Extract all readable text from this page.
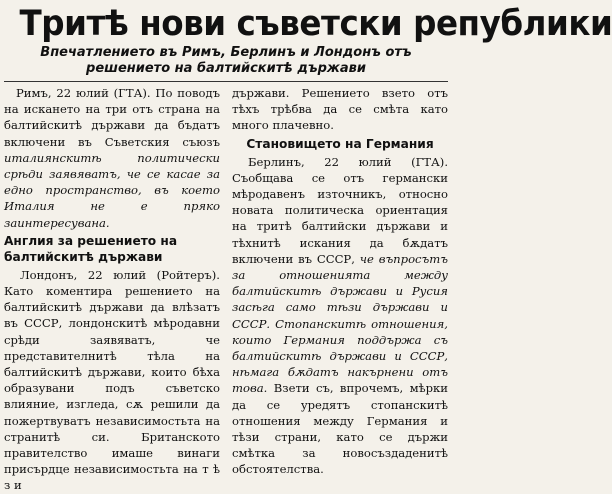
Тритѣ нови съветски републики

Впечатлението въ Римъ, Берлинъ и Лондонъ отъ решението на балтийскитѣ държави

Римъ, 22 юлий (ГТА). По поводъ на искането на три отъ страна на балтийскитѣ държави да бъдатъ включени въ Съветския съюзъ италиянскитѣ политически срѣди заявяватъ, че се касае за едно пространство, въ което Италия не е пряко заинтересувана.

Англия за решението на балтийскитѣ държави

Лондонъ, 22 юлий (Ройтеръ). Като коментира решението на балтийскитѣ държави да влѣзатъ въ СССР, лондонскитѣ мѣродавни срѣди заявяватъ, че представителнитѣ тѣла на балтийскитѣ държави, които бѣха образувани подъ съветско влияние, изгледа, сѫ решили да пожертвуватъ независимостьта на странитѣ си. Британското правителство имаше винаги присърдце независимостьта на т ѣ з и

държави. Решението взето отъ тѣхъ трѣбва да се смѣта като много плачевно.

Становището на Германия

Берлинъ, 22 юлий (ГТА). Съобщава се отъ германски мѣродавенъ източникъ, относно новата политическа ориентация на тритѣ балтийски държави и тѣхнитѣ искания да бѫдатъ включени въ СССР, че въпросътъ за отношенията между балтийскитѣ държави и Русия засѣга само тѣзи държави и СССР. Стопанскитѣ отношения, които Германия поддържа съ балтийскитѣ държави и СССР, нѣмага бѫдатъ накърнени отъ това. Взети съ, впрочемъ, мѣрки да се уредятъ стопанскитѣ отношения между Германия и тѣзи страни, като се държи смѣтка за новосъздаденитѣ обстоятелства.
